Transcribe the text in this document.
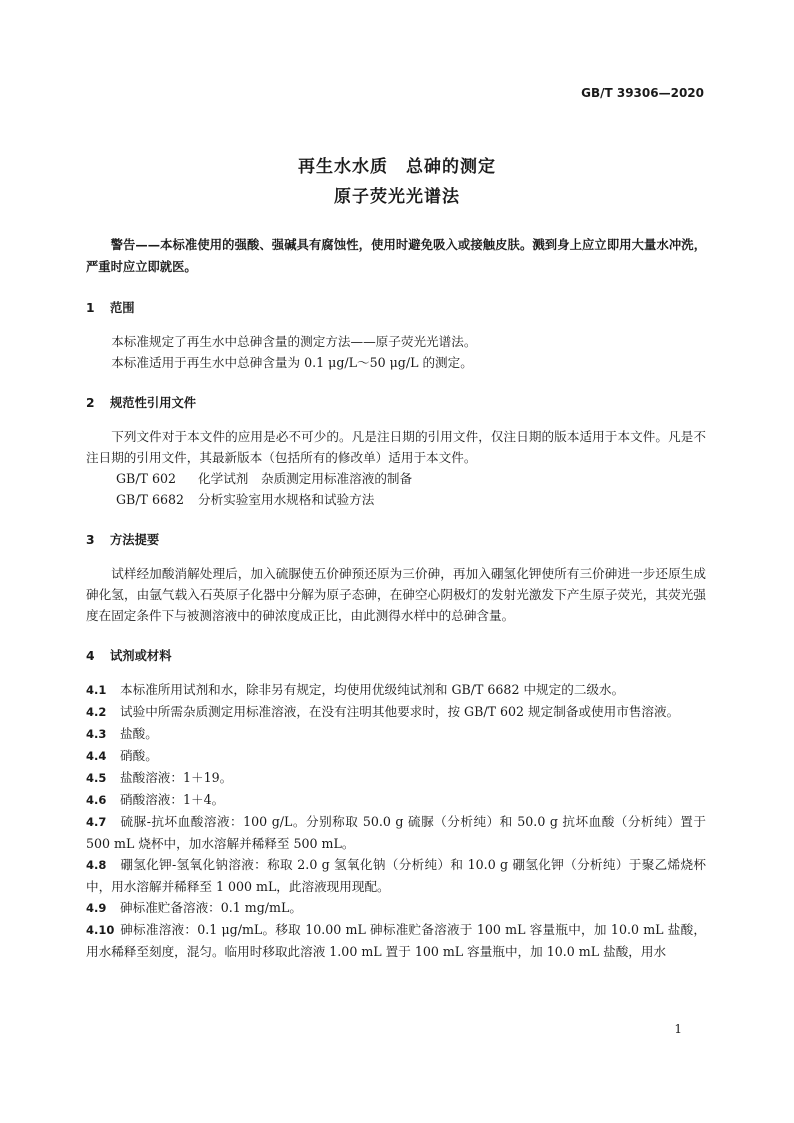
GB/T 39306—2020
再生水水质　总砷的测定
原子荧光光谱法

警告——本标准使用的强酸、强碱具有腐蚀性，使用时避免吸入或接触皮肤。溅到身上应立即用大量水冲洗，严重时应立即就医。

1 范围

本标准规定了再生水中总砷含量的测定方法——原子荧光光谱法。

本标准适用于再生水中总砷含量为 0.1 μg/L～50 μg/L 的测定。

2 规范性引用文件

下列文件对于本文件的应用是必不可少的。凡是注日期的引用文件，仅注日期的版本适用于本文件。凡是不注日期的引用文件，其最新版本（包括所有的修改单）适用于本文件。

GB/T 602 化学试剂　杂质测定用标准溶液的制备

GB/T 6682 分析实验室用水规格和试验方法

3 方法提要

试样经加酸消解处理后，加入硫脲使五价砷预还原为三价砷，再加入硼氢化钾使所有三价砷进一步还原生成砷化氢，由氩气载入石英原子化器中分解为原子态砷，在砷空心阴极灯的发射光激发下产生原子荧光，其荧光强度在固定条件下与被测溶液中的砷浓度成正比，由此测得水样中的总砷含量。

4 试剂或材料

4.1 本标准所用试剂和水，除非另有规定，均使用优级纯试剂和 GB/T 6682 中规定的二级水。

4.2 试验中所需杂质测定用标准溶液，在没有注明其他要求时，按 GB/T 602 规定制备或使用市售溶液。

4.3 盐酸。

4.4 硝酸。

4.5 盐酸溶液：1＋19。

4.6 硝酸溶液：1＋4。

4.7 硫脲-抗坏血酸溶液：100 g/L。分别称取 50.0 g 硫脲（分析纯）和 50.0 g 抗坏血酸（分析纯）置于 500 mL 烧杯中，加水溶解并稀释至 500 mL。

4.8 硼氢化钾-氢氧化钠溶液：称取 2.0 g 氢氧化钠（分析纯）和 10.0 g 硼氢化钾（分析纯）于聚乙烯烧杯中，用水溶解并稀释至 1 000 mL，此溶液现用现配。

4.9 砷标准贮备溶液：0.1 mg/mL。

4.10 砷标准溶液：0.1 μg/mL。移取 10.00 mL 砷标准贮备溶液于 100 mL 容量瓶中，加 10.0 mL 盐酸，用水稀释至刻度，混匀。临用时移取此溶液 1.00 mL 置于 100 mL 容量瓶中，加 10.0 mL 盐酸，用水

1
